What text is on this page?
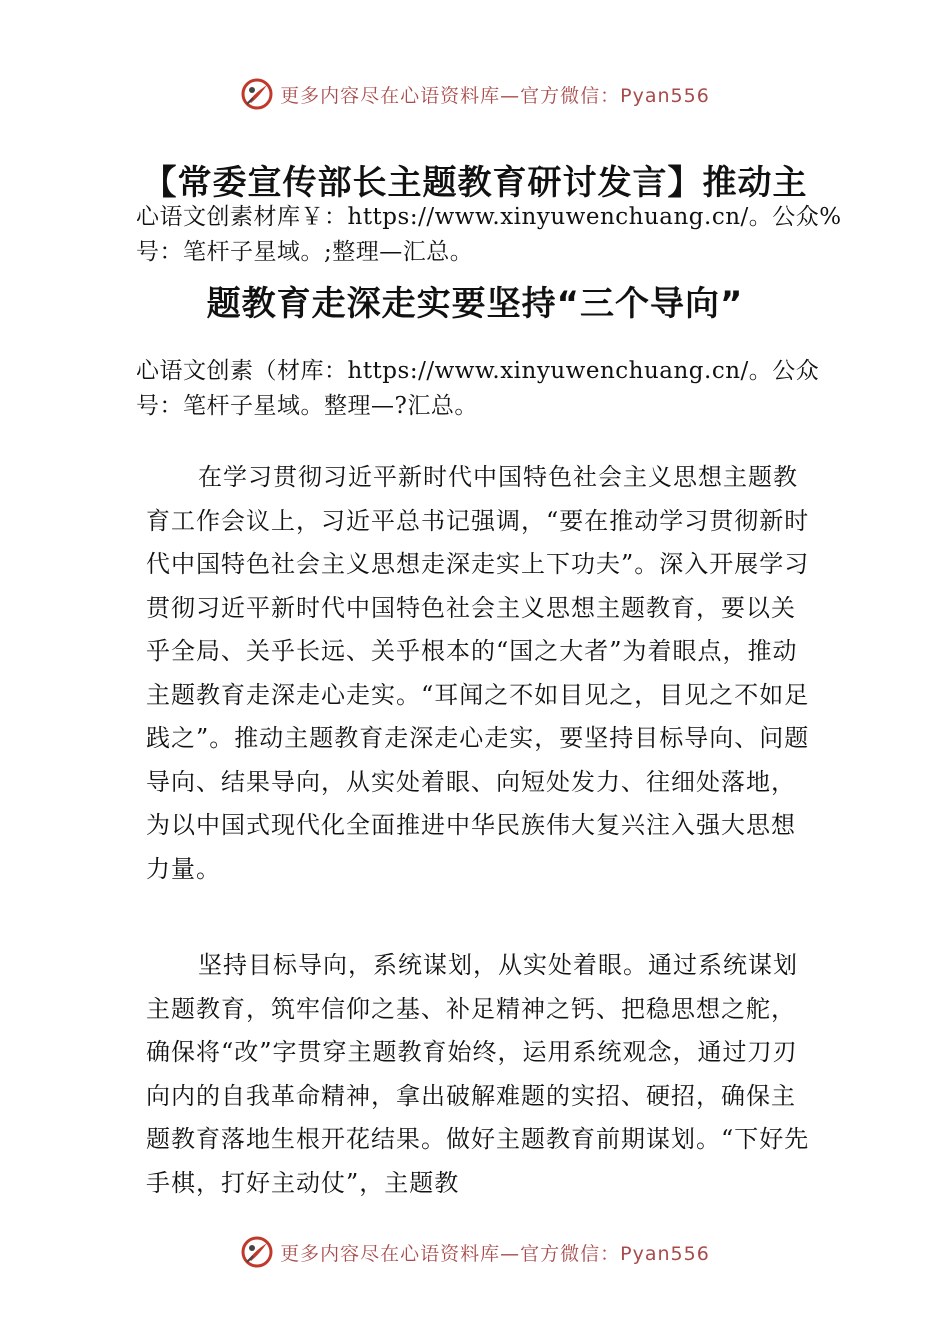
更多内容尽在心语资料库—官方微信：Pyan556
【常委宣传部长主题教育研讨发言】推动主

心语文创素材库￥：https://www.xinyuwenchuang.cn/。公众%号：笔杆子星域。;整理—汇总。

题教育走深走实要坚持“三个导向”

心语文创素（材库：https://www.xinyuwenchuang.cn/。公众号：笔杆子星域。整理—?汇总。

在学习贯彻习近平新时代中国特色社会主义思想主题教育工作会议上，习近平总书记强调，“要在推动学习贯彻新时代中国特色社会主义思想走深走实上下功夫”。深入开展学习贯彻习近平新时代中国特色社会主义思想主题教育，要以关乎全局、关乎长远、关乎根本的“国之大者”为着眼点，推动主题教育走深走心走实。“耳闻之不如目见之，目见之不如足践之”。推动主题教育走深走心走实，要坚持目标导向、问题导向、结果导向，从实处着眼、向短处发力、往细处落地，为以中国式现代化全面推进中华民族伟大复兴注入强大思想力量。

坚持目标导向，系统谋划，从实处着眼。通过系统谋划主题教育，筑牢信仰之基、补足精神之钙、把稳思想之舵，确保将“改”字贯穿主题教育始终，运用系统观念，通过刀刃向内的自我革命精神，拿出破解难题的实招、硬招，确保主题教育落地生根开花结果。做好主题教育前期谋划。“下好先手棋，打好主动仗”，主题教

更多内容尽在心语资料库—官方微信：Pyan556
